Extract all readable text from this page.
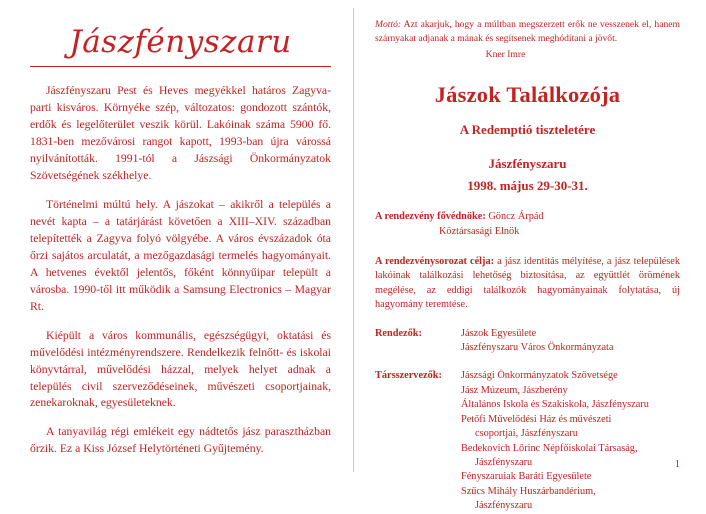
Jászfényszaru

Jászfényszaru Pest és Heves megyékkel határos Zagyva-parti kisváros. Környéke szép, változatos: gondozott szántók, erdők és legelőterület veszik körül. Lakóinak száma 5900 fő. 1831-ben mezővárosi rangot kapott, 1993-ban újra várossá nyilvánították. 1991-tól a Jászsági Önkormányzatok Szövetségének székhelye.

Történelmi múltú hely. A jászokat – akikről a település a nevét kapta – a tatárjárást követően a XIII–XIV. században telepítették a Zagyva folyó völgyébe. A város évszázadok óta őrzi sajátos arculatát, a mezőgazdasági termelés hagyományait. A hetvenes évektől jelentős, főként könnyűipar települt a városba. 1990-től itt működik a Samsung Electronics – Magyar Rt.

Kiépült a város kommunális, egészségügyi, oktatási és művelődési intézményrendszere. Rendelkezik felnőtt- és iskolai könyvtárral, művelődési házzal, melyek helyet adnak a település civil szerveződéseinek, művészeti csoportjainak, zenekaroknak, egyesületeknek.

A tanyavilág régi emlékeit egy nádtetős jász parasztházban őrzik. Ez a Kiss József Helytörténeti Gyűjtemény.

Mottó: Azt akarjuk, hogy a múltban megszerzett erők ne vesszenek el, hanem szárnyakat adjanak a mának és segítsenek meghódítani a jövőt.

Kner Imre

Jászok Találkozója

A Redemptió tiszteletére

Jászfényszaru

1998. május 29-30-31.

A rendezvény fővédnöke: Göncz Árpád
Köztársasági Elnök
A rendezvénysorozat célja: a jász identitás mélyítése, a jász települések lakóinak találkozási lehetőség biztosítása, az együttlét örömének megélése, az eddigi találkozók hagyományainak folytatása, új hagyomány teremtése.
Rendezők:	Jászok Egyesülete
Jászfényszaru Város Önkormányzata
Társszervezők:	Jászsági Önkormányzatok Szövetsége
Jász Múzeum, Jászberény
Általános Iskola és Szakiskola, Jászfényszaru
Petőfi Művelődési Ház és művészeti
csoportjai, Jászfényszaru
Bedekovich Lőrinc Népfőiskolai Társaság,
Jászfényszaru
Fényszaruiak Baráti Egyesülete
Szűcs Mihály Huszárbandérium,
Jászfényszaru
1
